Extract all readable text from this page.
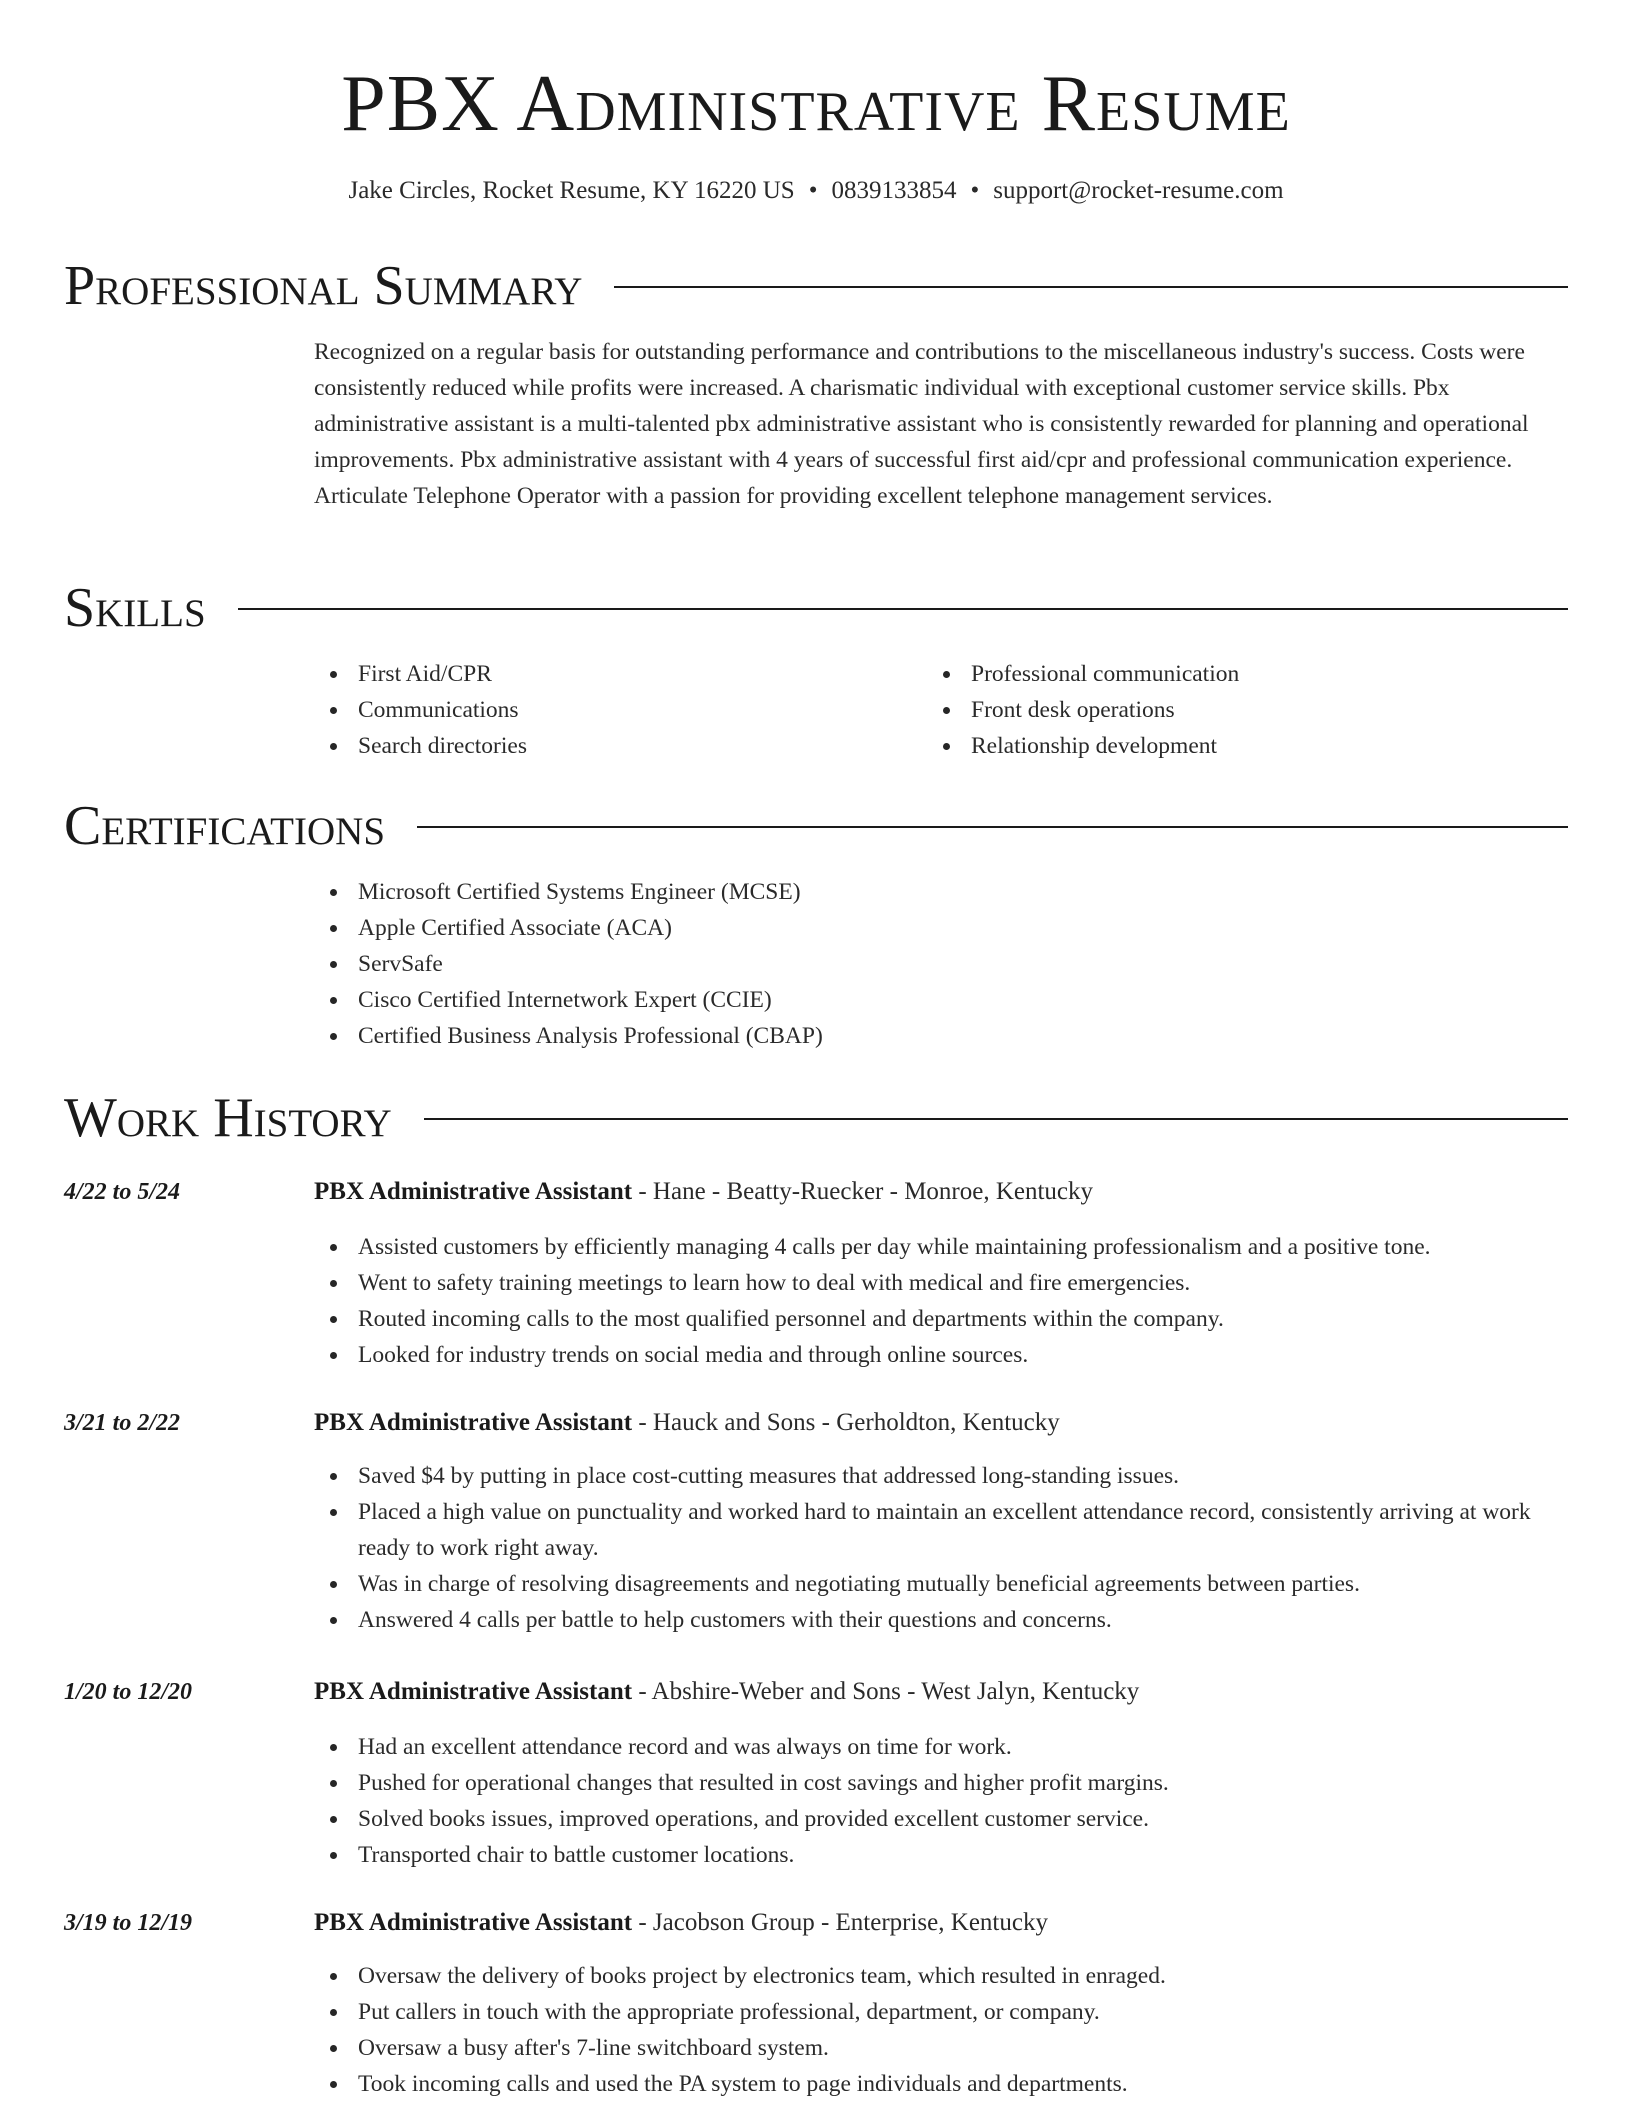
PBX Administrative Resume
Jake Circles, Rocket Resume, KY 16220 US • 0839133854 • support@rocket-resume.com
Professional Summary
Recognized on a regular basis for outstanding performance and contributions to the miscellaneous industry's success. Costs were consistently reduced while profits were increased. A charismatic individual with exceptional customer service skills. Pbx administrative assistant is a multi-talented pbx administrative assistant who is consistently rewarded for planning and operational improvements. Pbx administrative assistant with 4 years of successful first aid/cpr and professional communication experience. Articulate Telephone Operator with a passion for providing excellent telephone management services.
Skills
First Aid/CPR
Communications
Search directories
Professional communication
Front desk operations
Relationship development
Certifications
Microsoft Certified Systems Engineer (MCSE)
Apple Certified Associate (ACA)
ServSafe
Cisco Certified Internetwork Expert (CCIE)
Certified Business Analysis Professional (CBAP)
Work History
4/22 to 5/24	PBX Administrative Assistant - Hane - Beatty-Ruecker - Monroe, Kentucky
Assisted customers by efficiently managing 4 calls per day while maintaining professionalism and a positive tone.
Went to safety training meetings to learn how to deal with medical and fire emergencies.
Routed incoming calls to the most qualified personnel and departments within the company.
Looked for industry trends on social media and through online sources.
3/21 to 2/22	PBX Administrative Assistant - Hauck and Sons - Gerholdton, Kentucky
Saved $4 by putting in place cost-cutting measures that addressed long-standing issues.
Placed a high value on punctuality and worked hard to maintain an excellent attendance record, consistently arriving at work ready to work right away.
Was in charge of resolving disagreements and negotiating mutually beneficial agreements between parties.
Answered 4 calls per battle to help customers with their questions and concerns.
1/20 to 12/20	PBX Administrative Assistant - Abshire-Weber and Sons - West Jalyn, Kentucky
Had an excellent attendance record and was always on time for work.
Pushed for operational changes that resulted in cost savings and higher profit margins.
Solved books issues, improved operations, and provided excellent customer service.
Transported chair to battle customer locations.
3/19 to 12/19	PBX Administrative Assistant - Jacobson Group - Enterprise, Kentucky
Oversaw the delivery of books project by electronics team, which resulted in enraged.
Put callers in touch with the appropriate professional, department, or company.
Oversaw a busy after's 7-line switchboard system.
Took incoming calls and used the PA system to page individuals and departments.
